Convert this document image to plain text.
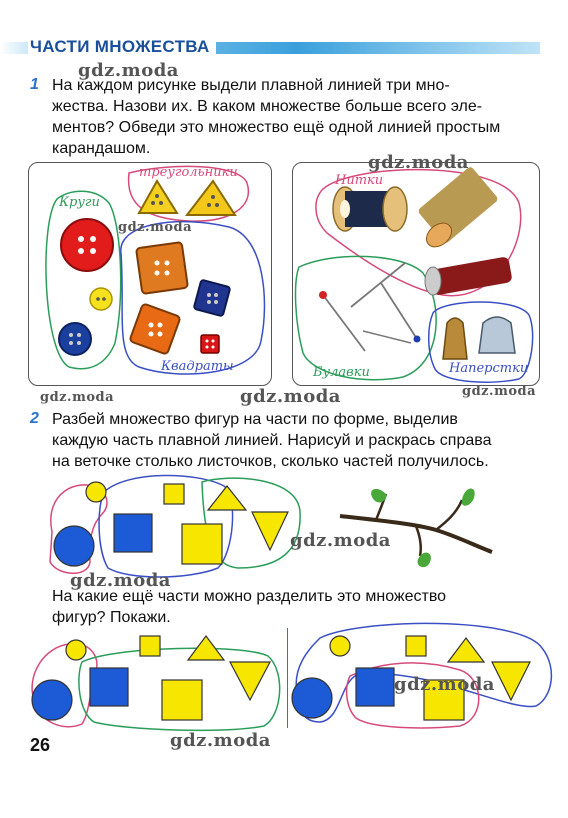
ЧАСТИ МНОЖЕСТВА
1 На каждом рисунке выдели плавной линией три мно-
жества. Назови их. В каком множестве больше всего эле-
ментов? Обведи это множество ещё одной линией простым
карандашом.
Круги
треугольники
Квадраты
Нитки
Булавки	Наперстки
2 Разбей множество фигур на части по форме, выделив
каждую часть плавной линией. Нарисуй и раскрась справа
на веточке столько листочков, сколько частей получилось.
На какие ещё части можно разделить это множество
фигур? Покажи.
26
gdz.moda
gdz.moda
gdz.moda
gdz.moda	gdz.moda	gdz.moda
gdz.moda
gdz.moda
gdz.moda
gdz.moda
